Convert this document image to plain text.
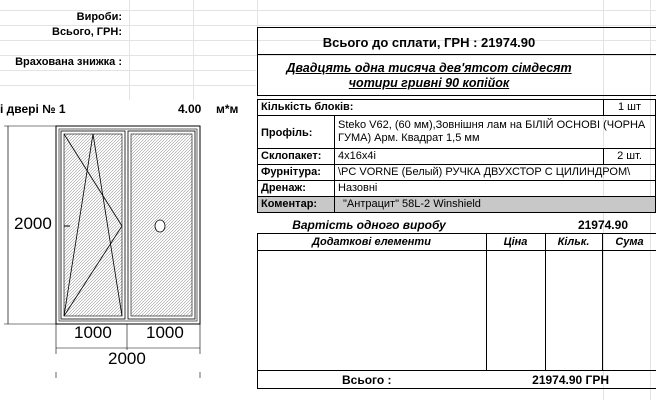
Вироби:
Всього, ГРН:
Врахована знижка :
Всього до сплати, ГРН : 21974.90
Двадцять одна тисяча дев'ятсот сімдесят чотири гривні 90 копійок
і двері № 1	4.00 м*м
2000
1000 1000
2000
Кількість блоків:	1 шт
Профіль:
Steko V62, (60 мм),Зовнішня лам на БІЛІЙ ОСНОВІ (ЧОРНА ГУМА) Арм. Квадрат 1,5 мм
Склопакет:	4x16x4i	2 шт.
Фурнітура:	\PC VORNE (Белый) РУЧКА ДВУХСТОР С ЦИЛИНДРОМ\
Дренаж:	Назовні
Коментар:	"Антрацит" 58L-2 Winshield
Вартість одного виробу	21974.90
Додаткові елементи	Ціна	Кільк.	Сума
Всього :	21974.90 ГРН
